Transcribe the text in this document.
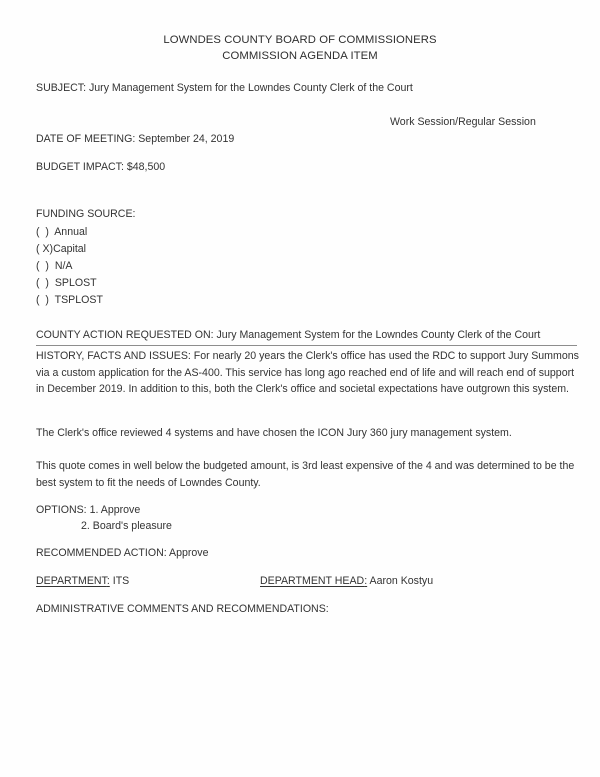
LOWNDES COUNTY BOARD OF COMMISSIONERS
COMMISSION AGENDA ITEM
SUBJECT: Jury Management System for the Lowndes County Clerk of the Court
Work Session/Regular Session
DATE OF MEETING: September 24, 2019
BUDGET IMPACT: $48,500
FUNDING SOURCE:
(  )  Annual
( X)Capital
(  )  N/A
(  )  SPLOST
(  )  TSPLOST
COUNTY ACTION REQUESTED ON: Jury Management System for the Lowndes County Clerk of the Court
HISTORY, FACTS AND ISSUES: For nearly 20 years the Clerk's office has used the RDC to support Jury Summons via a custom application for the AS-400. This service has long ago reached end of life and will reach end of support in December 2019. In addition to this, both the Clerk's office and societal expectations have outgrown this system.
The Clerk's office reviewed 4 systems and have chosen the ICON Jury 360 jury management system.
This quote comes in well below the budgeted amount, is 3rd least expensive of the 4 and was determined to be the best system to fit the needs of Lowndes County.
OPTIONS: 1. Approve
2. Board's pleasure
RECOMMENDED ACTION: Approve
DEPARTMENT: ITS	DEPARTMENT HEAD: Aaron Kostyu
ADMINISTRATIVE COMMENTS AND RECOMMENDATIONS:
